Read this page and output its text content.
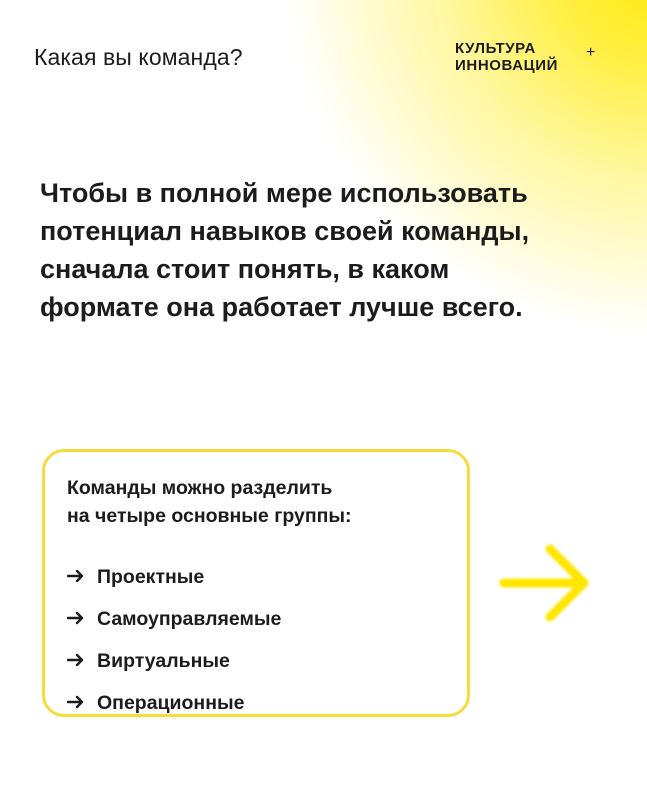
Какая вы команда?	КУЛЬТУРА
ИННОВАЦИЙ
+

Чтобы в полной мере использовать
потенциал навыков своей команды,
сначала стоит понять, в каком
формате она работает лучше всего.

Команды можно разделить
на четыре основные группы:
Проектные
Самоуправляемые
Виртуальные
Операционные
